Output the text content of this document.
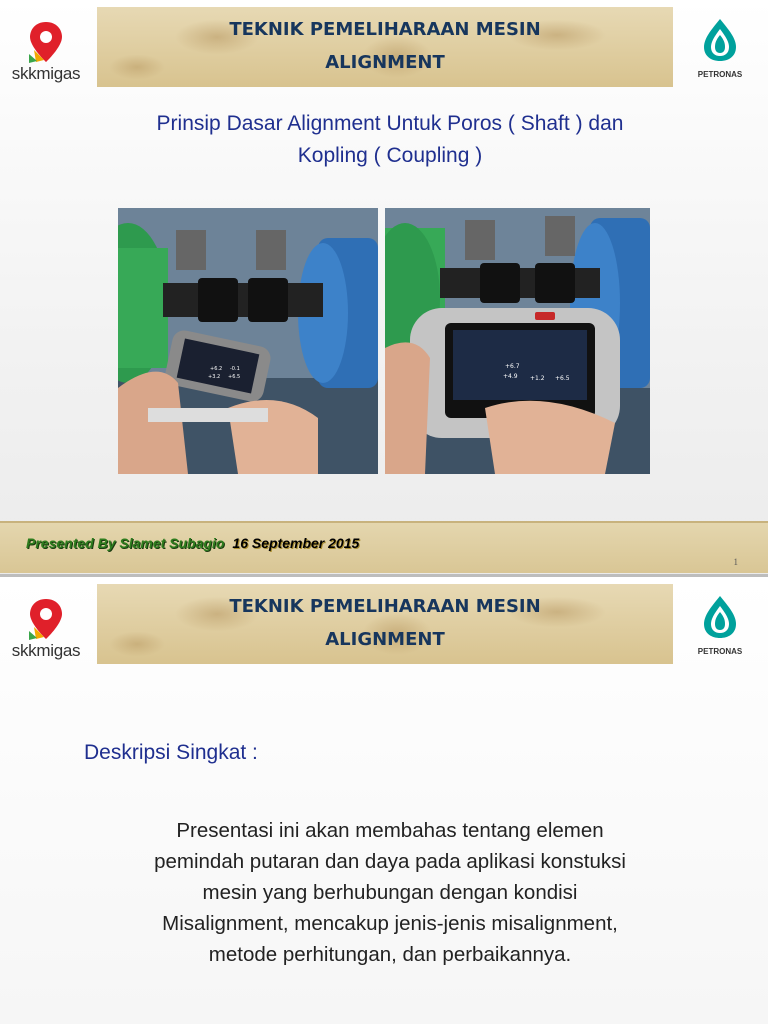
skkmigas
TEKNIK PEMELIHARAAN MESIN
ALIGNMENT
PETRONAS
Prinsip Dasar Alignment Untuk Poros ( Shaft ) dan
Kopling ( Coupling )
+6.2 -0.1
+3.2 +6.5
+6.7
+4.9 +1.2 +6.5
Presented By Slamet Subagio 16 September 2015
1
skkmigas
TEKNIK PEMELIHARAAN MESIN
ALIGNMENT
PETRONAS
Deskripsi Singkat :
Presentasi ini akan membahas tentang elemen
pemindah putaran dan daya pada aplikasi konstuksi
mesin yang berhubungan dengan kondisi
Misalignment, mencakup jenis-jenis misalignment,
metode perhitungan, dan perbaikannya.
